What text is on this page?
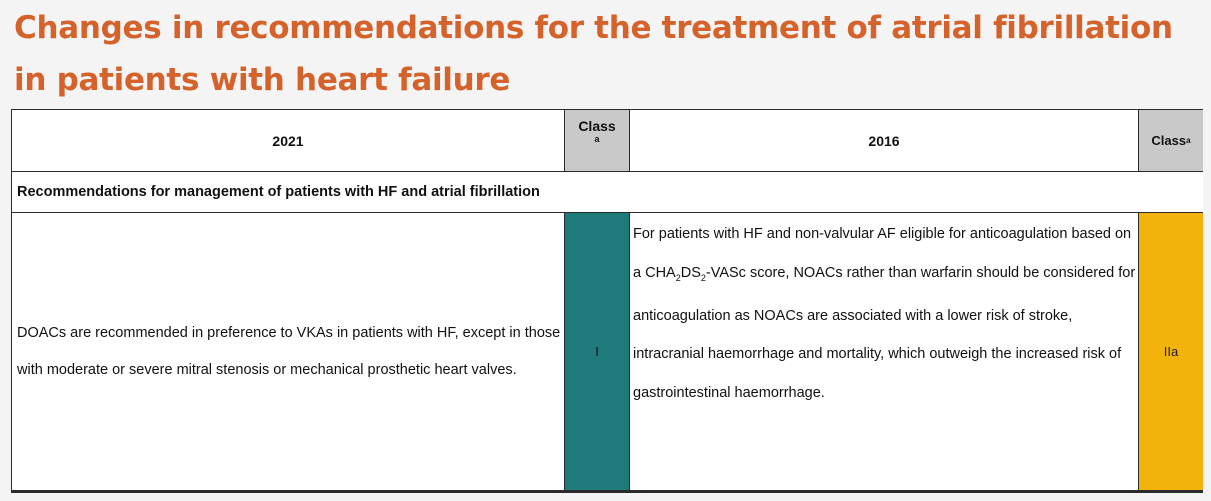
Changes in recommendations for the treatment of atrial fibrillation in patients with heart failure
2021
Class
a	2016	Class a
Recommendations for management of patients with HF and atrial fibrillation
DOACs are recommended in preference to VKAs in patients with HF, except in those with moderate or severe mitral stenosis or mechanical prosthetic heart valves.
I
For patients with HF and non-valvular AF eligible for anticoagulation based on a $CHA_2DS_2$-VASc score, NOACs rather than warfarin should be considered for anticoagulation as NOACs are associated with a lower risk of stroke, intracranial haemorrhage and mortality, which outweigh the increased risk of gastrointestinal haemorrhage.
IIa
